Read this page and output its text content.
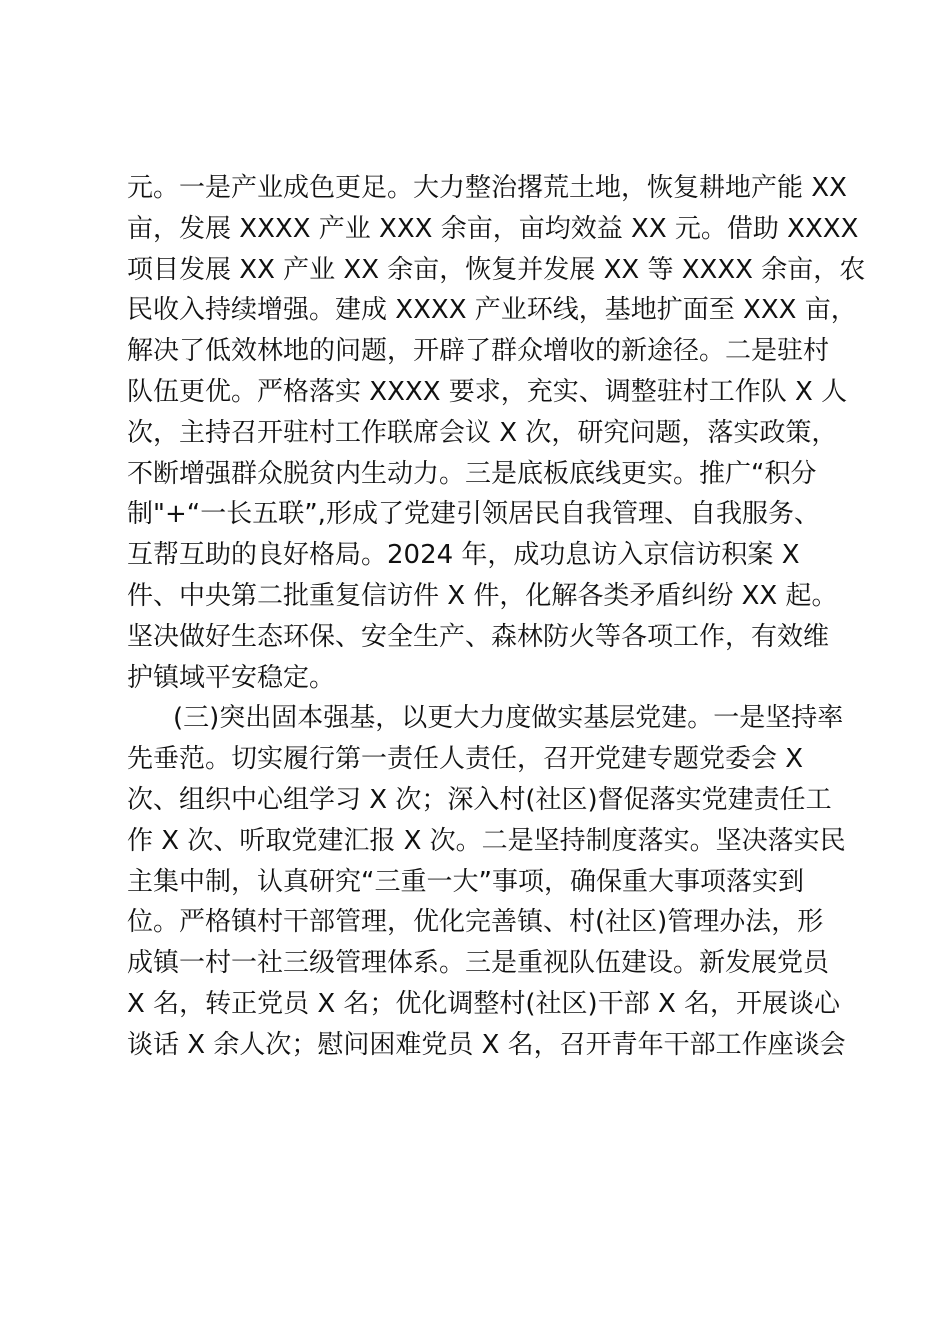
元。一是产业成色更足。大力整治撂荒土地，恢复耕地产能 XX
亩，发展 XXXX 产业 XXX 余亩，亩均效益 XX 元。借助 XXXX
项目发展 XX 产业 XX 余亩，恢复并发展 XX 等 XXXX 余亩，农
民收入持续增强。建成 XXXX 产业环线，基地扩面至 XXX 亩，
解决了低效林地的问题，开辟了群众增收的新途径。二是驻村
队伍更优。严格落实 XXXX 要求，充实、调整驻村工作队 X 人
次，主持召开驻村工作联席会议 X 次，研究问题，落实政策，
不断增强群众脱贫内生动力。三是底板底线更实。推广“积分
制"+“一长五联”,形成了党建引领居民自我管理、自我服务、
互帮互助的良好格局。2024 年，成功息访入京信访积案 X
件、中央第二批重复信访件 X 件，化解各类矛盾纠纷 XX 起。
坚决做好生态环保、安全生产、森林防火等各项工作，有效维
护镇域平安稳定。
(三)突出固本强基，以更大力度做实基层党建。一是坚持率
先垂范。切实履行第一责任人责任，召开党建专题党委会 X
次、组织中心组学习 X 次；深入村(社区)督促落实党建责任工
作 X 次、听取党建汇报 X 次。二是坚持制度落实。坚决落实民
主集中制，认真研究“三重一大”事项，确保重大事项落实到
位。严格镇村干部管理，优化完善镇、村(社区)管理办法，形
成镇一村一社三级管理体系。三是重视队伍建设。新发展党员
X 名，转正党员 X 名；优化调整村(社区)干部 X 名，开展谈心
谈话 X 余人次；慰问困难党员 X 名，召开青年干部工作座谈会
